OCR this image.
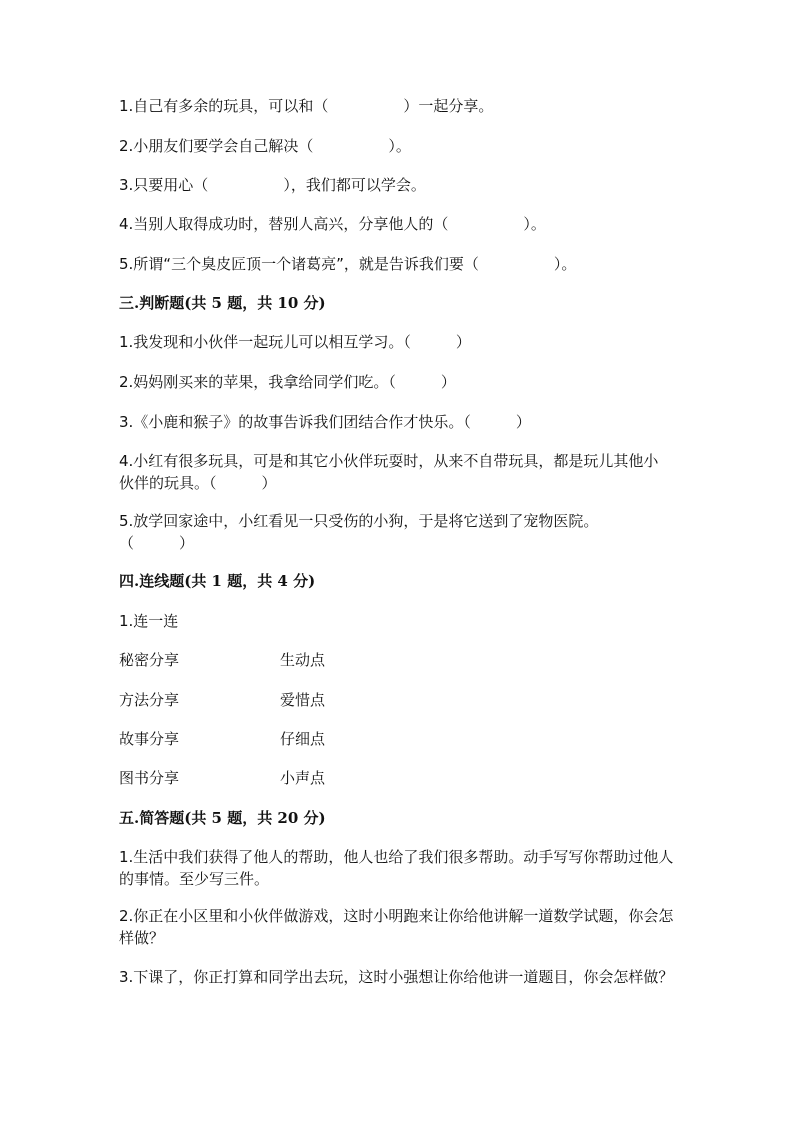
1.自己有多余的玩具，可以和（　　　　　）一起分享。
2.小朋友们要学会自己解决（　　　　　）。
3.只要用心（　　　　　），我们都可以学会。
4.当别人取得成功时，替别人高兴，分享他人的（　　　　　）。
5.所谓“三个臭皮匠顶一个诸葛亮”，就是告诉我们要（　　　　　）。
三.判断题(共 5 题，共 10 分)
1.我发现和小伙伴一起玩儿可以相互学习。（　　　）
2.妈妈刚买来的苹果，我拿给同学们吃。（　　　）
3.《小鹿和猴子》的故事告诉我们团结合作才快乐。（　　　）
4.小红有很多玩具，可是和其它小伙伴玩耍时，从来不自带玩具，都是玩儿其他小伙伴的玩具。（　　　）
5.放学回家途中，小红看见一只受伤的小狗，于是将它送到了宠物医院。（　　　）
四.连线题(共 1 题，共 4 分)
1.连一连
秘密分享	生动点
方法分享	爱惜点
故事分享	仔细点
图书分享	小声点
五.简答题(共 5 题，共 20 分)
1.生活中我们获得了他人的帮助，他人也给了我们很多帮助。动手写写你帮助过他人的事情。至少写三件。
2.你正在小区里和小伙伴做游戏，这时小明跑来让你给他讲解一道数学试题，你会怎样做？
3.下课了，你正打算和同学出去玩，这时小强想让你给他讲一道题目，你会怎样做？
